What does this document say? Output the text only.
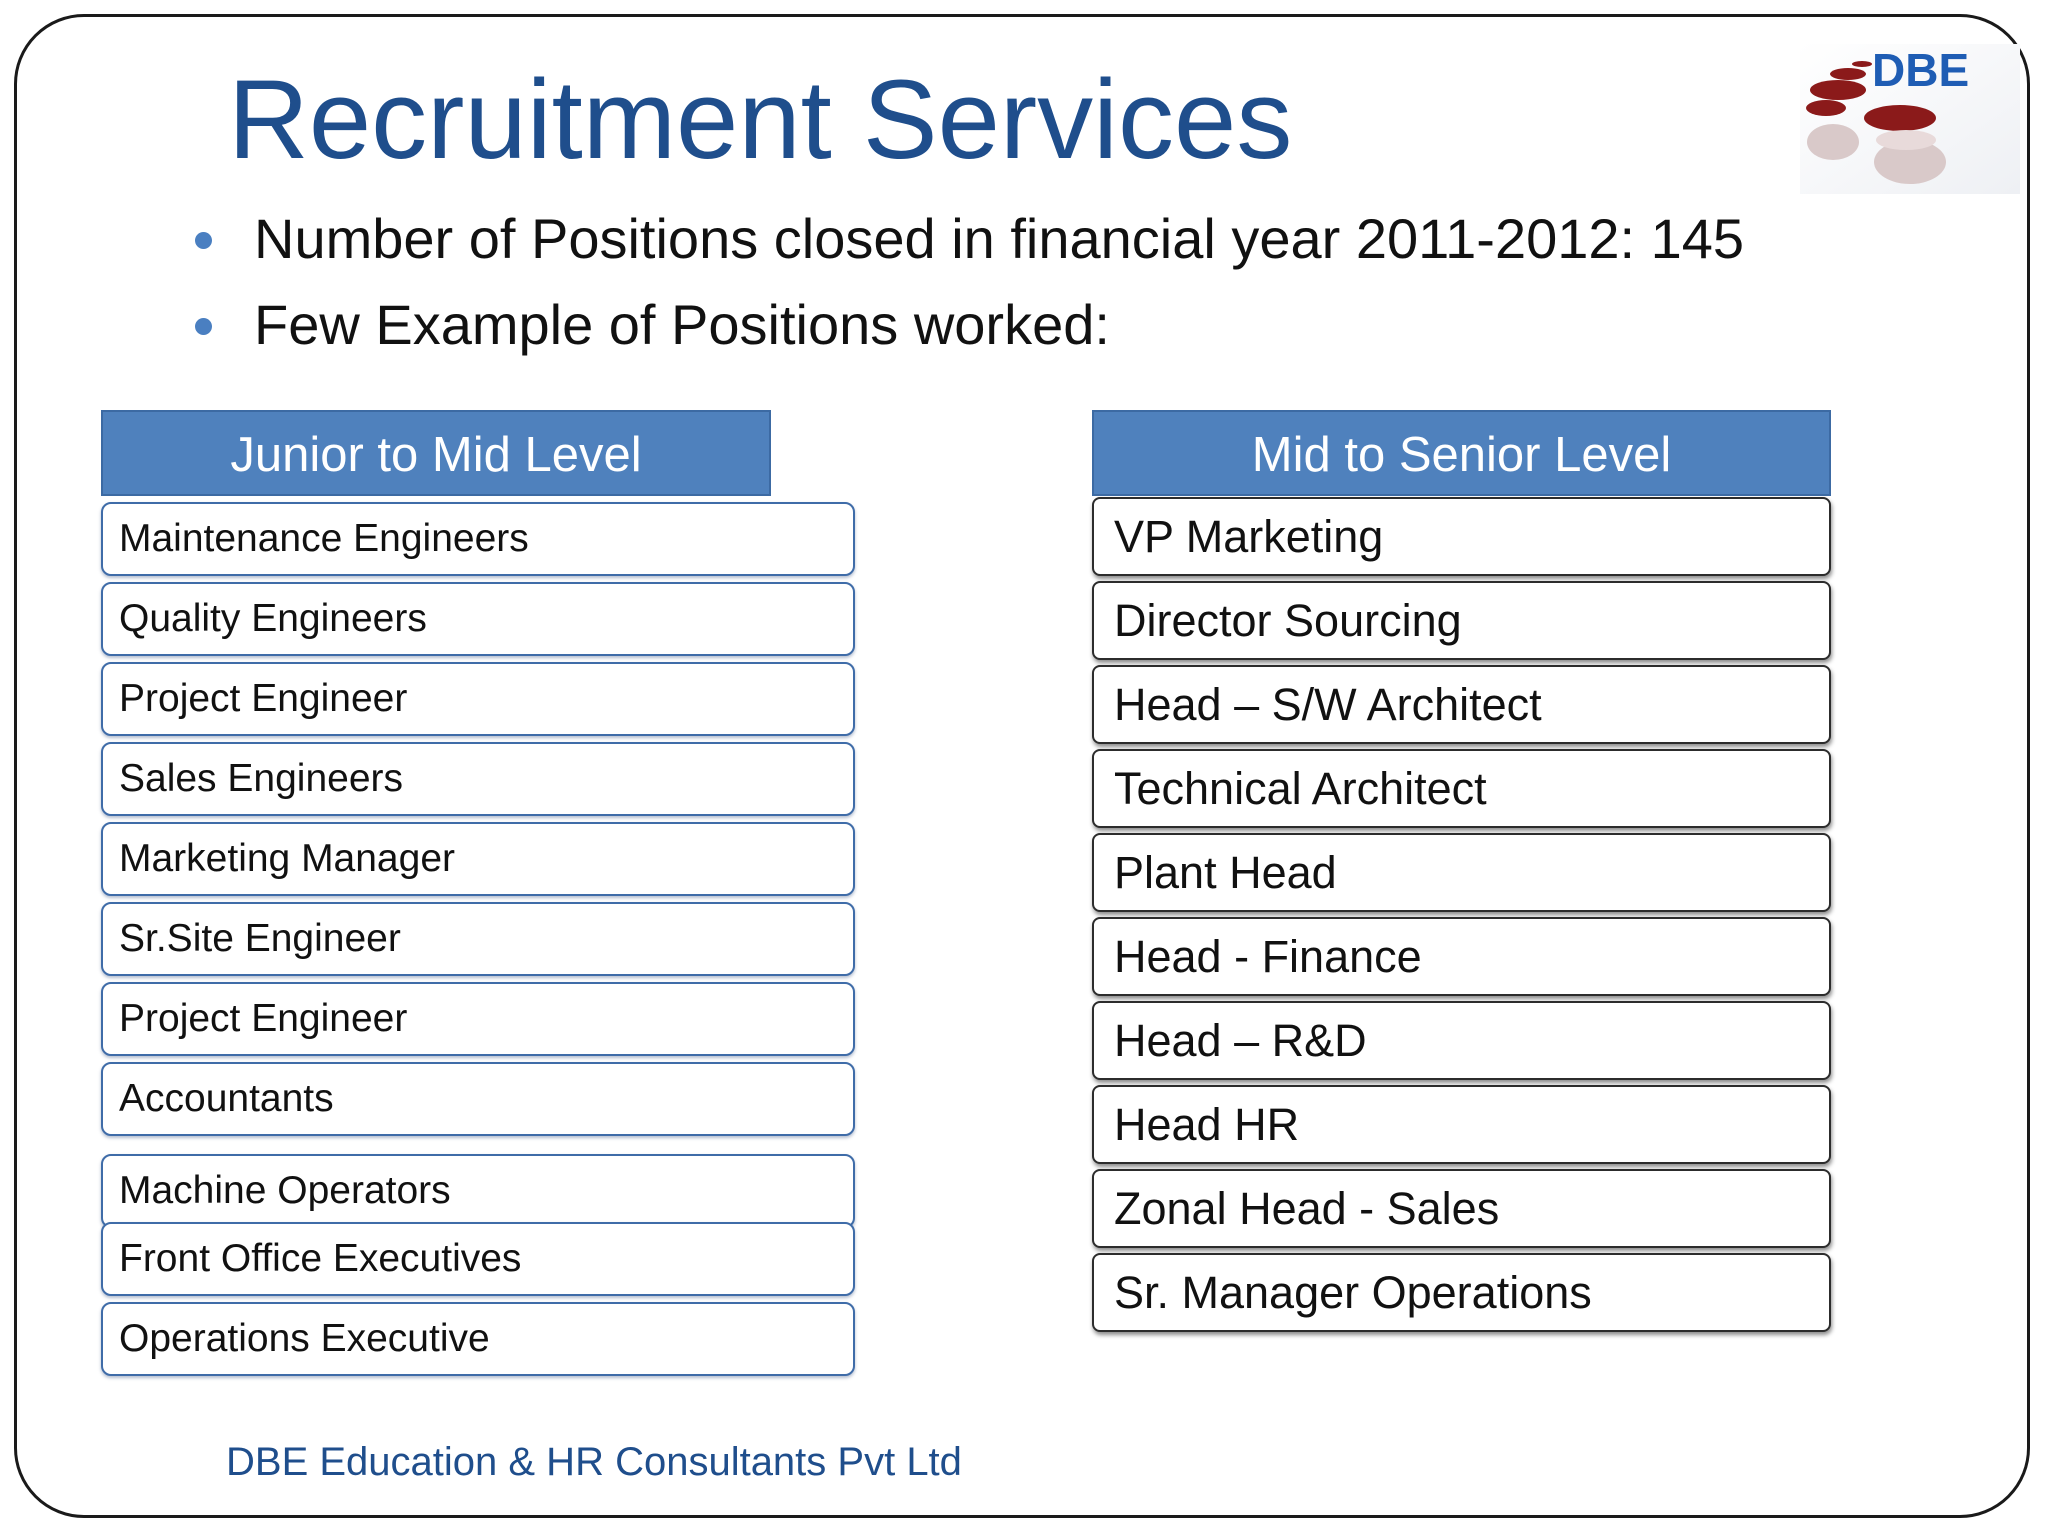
Recruitment Services	DBE
Number of Positions closed in financial year 2011-2012: 145
Few Example of Positions worked:
Junior to Mid Level
Maintenance Engineers
Quality Engineers
Project Engineer
Sales Engineers
Marketing Manager
Sr.Site Engineer
Project Engineer
Accountants
Machine Operators
Front Office Executives
Operations Executive
Mid to Senior Level
VP Marketing
Director Sourcing
Head – S/W Architect
Technical Architect
Plant Head
Head - Finance
Head – R&D
Head HR
Zonal Head - Sales
Sr. Manager Operations
DBE Education & HR Consultants Pvt Ltd
